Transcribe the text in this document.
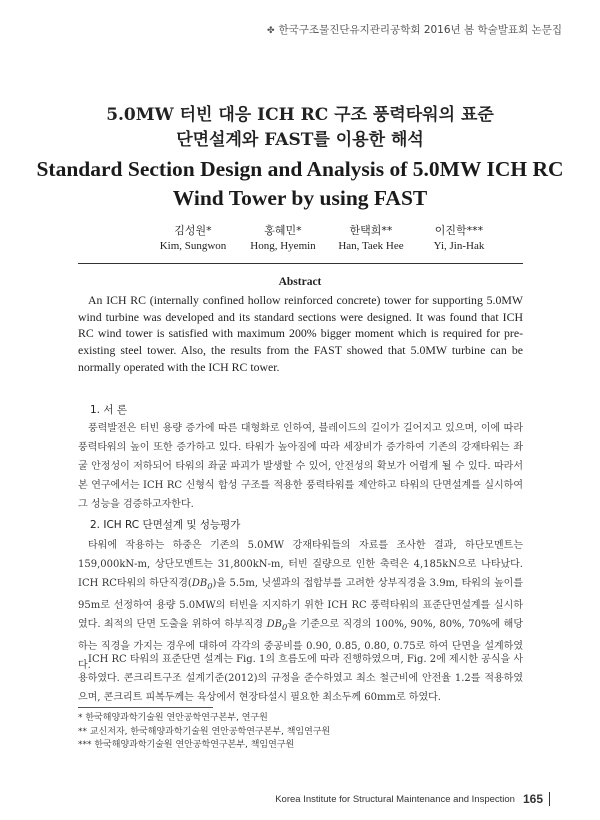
✤ 한국구조물진단유지관리공학회 2016년 봄 학술발표회 논문집
5.0MW 터빈 대응 ICH RC 구조 풍력타워의 표준
단면설계와 FAST를 이용한 해석
Standard Section Design and Analysis of 5.0MW ICH RC
Wind Tower by using FAST
김성원*
Kim, Sungwon
홍혜민*
Hong, Hyemin
한택희**
Han, Taek Hee
이진학***
Yi, Jin-Hak
Abstract
An ICH RC (internally confined hollow reinforced concrete) tower for supporting 5.0MW wind turbine was developed and its standard sections were designed. It was found that ICH RC wind tower is satisfied with maximum 200% bigger moment which is required for pre-existing steel tower. Also, the results from the FAST showed that 5.0MW turbine can be normally operated with the ICH RC tower.
1. 서 론
풍력발전은 터빈 용량 증가에 따른 대형화로 인하여, 블레이드의 길이가 길어지고 있으며, 이에 따라 풍력타워의 높이 또한 증가하고 있다. 타워가 높아짐에 따라 세장비가 증가하여 기존의 강재타워는 좌굴 안정성이 저하되어 타워의 좌굴 파괴가 발생할 수 있어, 안전성의 확보가 어렵게 될 수 있다. 따라서 본 연구에서는 ICH RC 신형식 합성 구조를 적용한 풍력타워를 제안하고 타워의 단면설계를 실시하여 그 성능을 검증하고자한다.
2. ICH RC 단면설계 및 성능평가
타워에 작용하는 하중은 기존의 5.0MW 강재타워들의 자료를 조사한 결과, 하단모멘트는 159,000kN-m, 상단모멘트는 31,800kN-m, 터빈 질량으로 인한 축력은 4,185kN으로 나타났다. ICH RC타워의 하단직경$(DB_0)$을 5.5m, 닛셀과의 접합부를 고려한 상부직경을 3.9m, 타워의 높이를 95m로 선정하여 용량 5.0MW의 터빈을 지지하기 위한 ICH RC 풍력타워의 표준단면설계를 실시하였다. 최적의 단면 도출을 위하여 하부직경 $DB_0$을 기준으로 직경의 100%, 90%, 80%, 70%에 해당하는 직경을 가지는 경우에 대하여 각각의 중공비를 0.90, 0.85, 0.80, 0.75로 하여 단면을 설계하였다.
ICH RC 타워의 표준단면 설계는 Fig. 1의 흐름도에 따라 진행하였으며, Fig. 2에 제시한 공식을 사용하였다. 콘크리트구조 설계기준(2012)의 규정을 준수하였고 최소 철근비에 안전율 1.2를 적용하였으며, 콘크리트 피복두께는 육상에서 현장타설시 필요한 최소두께 60mm로 하였다.
* 한국해양과학기술원 연안공학연구본부, 연구원
** 교신저자, 한국해양과학기술원 연안공학연구본부, 책임연구원
*** 한국해양과학기술원 연안공학연구본부, 책임연구원
Korea Institute for Structural Maintenance and Inspection 165
